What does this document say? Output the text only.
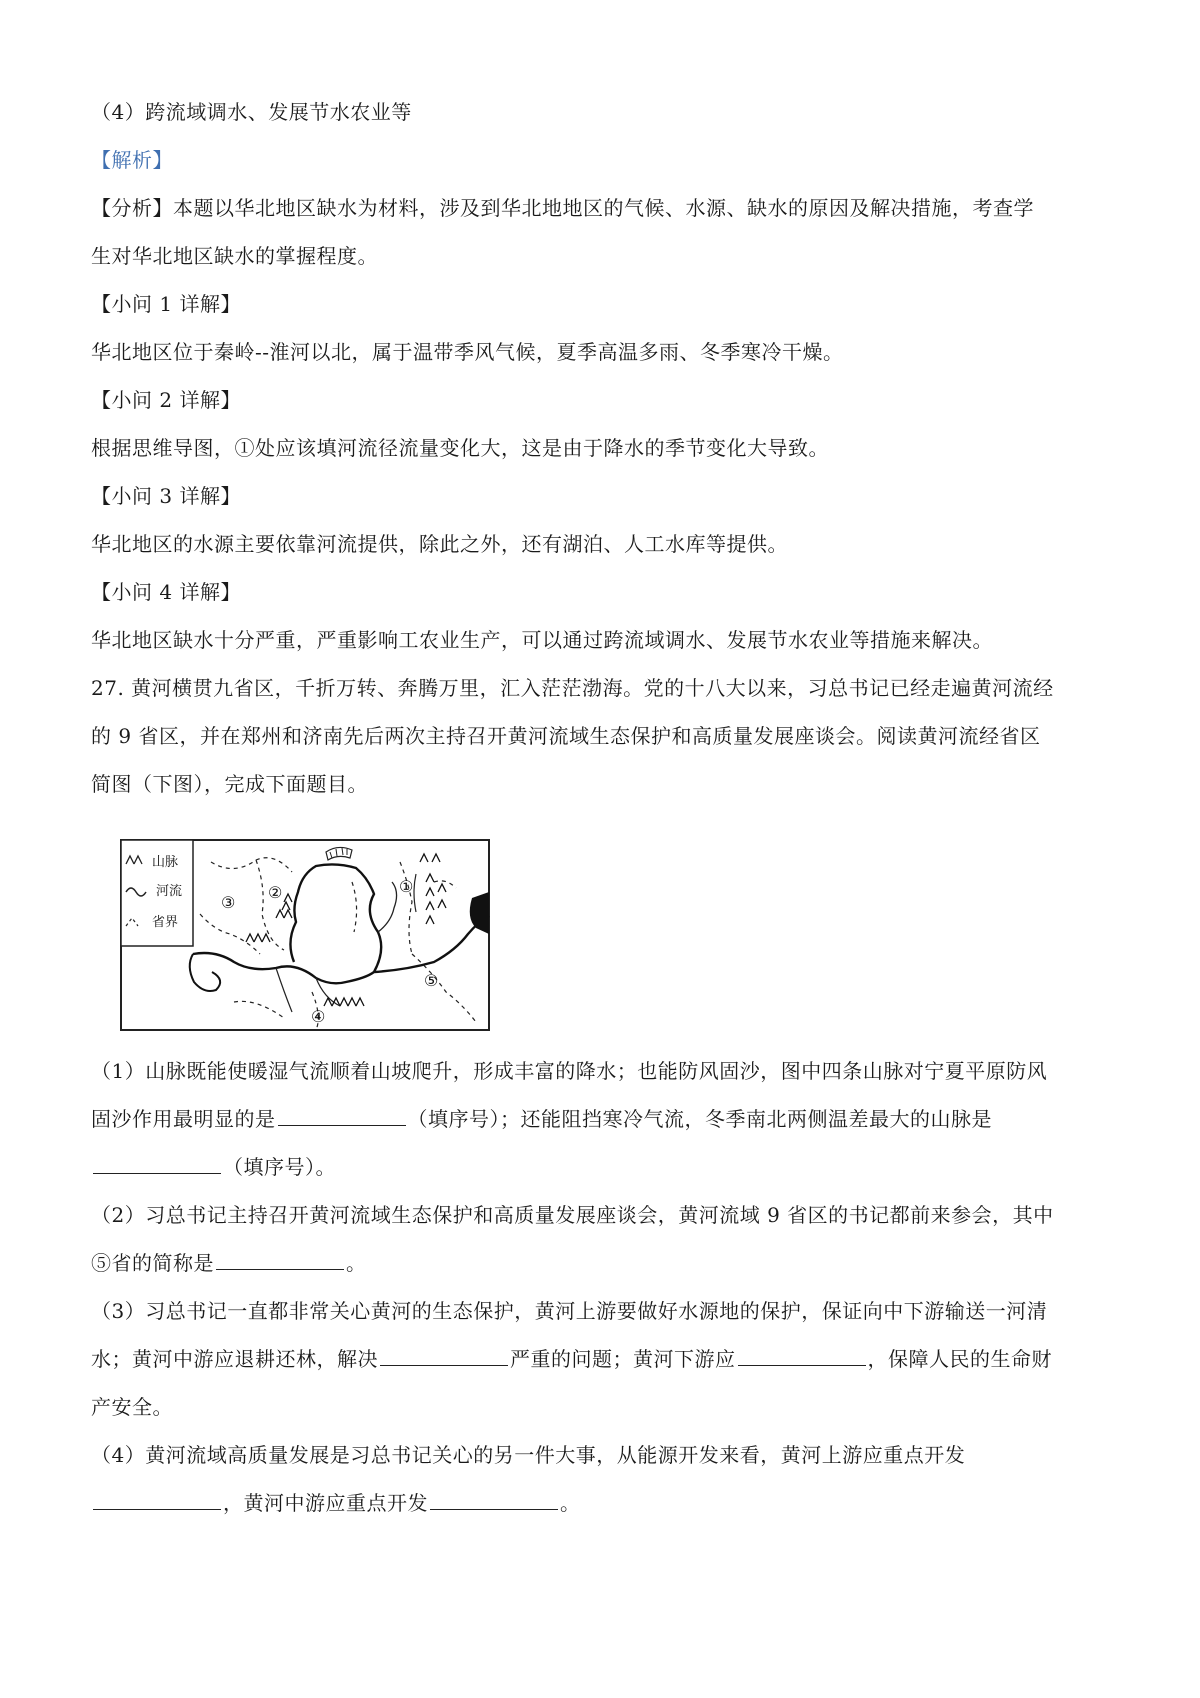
（4）跨流域调水、发展节水农业等
【解析】
【分析】本题以华北地区缺水为材料，涉及到华北地地区的气候、水源、缺水的原因及解决措施，考查学
生对华北地区缺水的掌握程度。
【小问 1 详解】
华北地区位于秦岭--淮河以北，属于温带季风气候，夏季高温多雨、冬季寒冷干燥。
【小问 2 详解】
根据思维导图，①处应该填河流径流量变化大，这是由于降水的季节变化大导致。
【小问 3 详解】
华北地区的水源主要依靠河流提供，除此之外，还有湖泊、人工水库等提供。
【小问 4 详解】
华北地区缺水十分严重，严重影响工农业生产，可以通过跨流域调水、发展节水农业等措施来解决。
27. 黄河横贯九省区，千折万转、奔腾万里，汇入茫茫渤海。党的十八大以来，习总书记已经走遍黄河流经
的 9 省区，并在郑州和济南先后两次主持召开黄河流域生态保护和高质量发展座谈会。阅读黄河流经省区
简图（下图），完成下面题目。
山脉
河流
省界
①
②
③
④
⑤
（1）山脉既能使暖湿气流顺着山坡爬升，形成丰富的降水；也能防风固沙，图中四条山脉对宁夏平原防风
固沙作用最明显的是	（填序号）；还能阻挡寒冷气流，冬季南北两侧温差最大的山脉是
（填序号）。
（2）习总书记主持召开黄河流域生态保护和高质量发展座谈会，黄河流域 9 省区的书记都前来参会，其中
⑤省的简称是	。
（3）习总书记一直都非常关心黄河的生态保护，黄河上游要做好水源地的保护，保证向中下游输送一河清
水；黄河中游应退耕还林，解决	严重的问题；黄河下游应	，保障人民的生命财
产安全。
（4）黄河流域高质量发展是习总书记关心的另一件大事，从能源开发来看，黄河上游应重点开发
，黄河中游应重点开发	。
